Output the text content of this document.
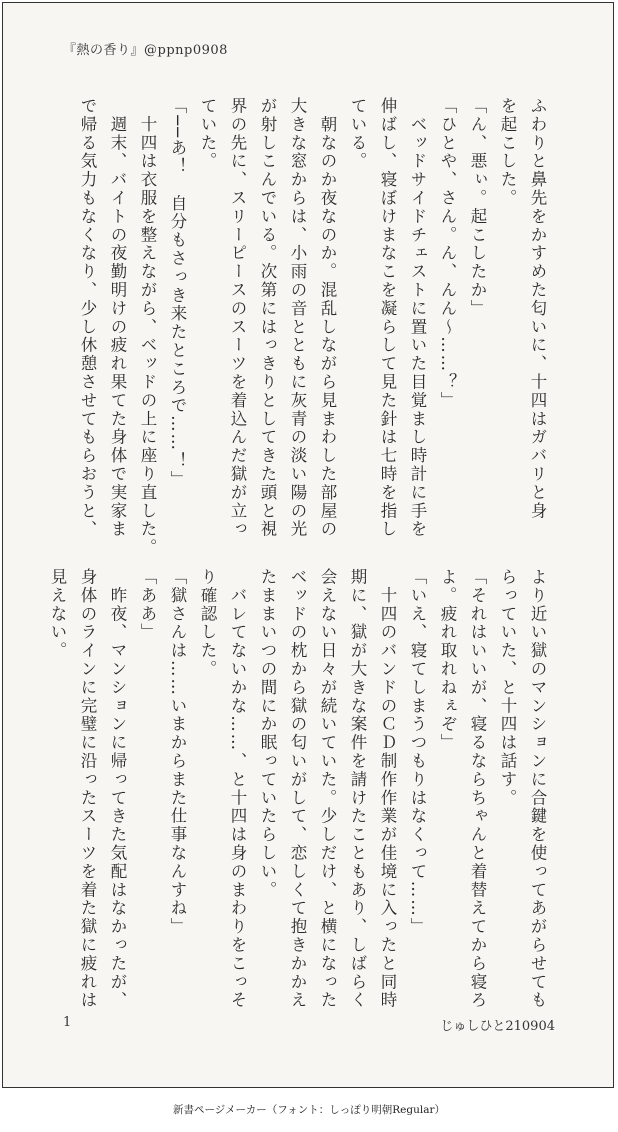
『熱の香り』@ppnp0908

ふわりと鼻先をかすめた匂いに、十四はガバリと身

を起こした。

「ん、悪ぃ。起こしたか」

「ひとや、さん。ん、んん〜……？」

　ベッドサイドチェストに置いた目覚まし時計に手を

伸ばし、寝ぼけまなこを凝らして見た針は七時を指し

ている。

　朝なのか夜なのか。混乱しながら見まわした部屋の

大きな窓からは、小雨の音とともに灰青の淡い陽の光

が射しこんでいる。次第にはっきりとしてきた頭と視

界の先に、スリーピースのスーツを着込んだ獄が立っ

ていた。

「──あ！　自分もさっき来たところで……！」

　十四は衣服を整えながら、ベッドの上に座り直した。

　週末、バイトの夜勤明けの疲れ果てた身体で実家ま

で帰る気力もなくなり、少し休憩させてもらおうと、

より近い獄のマンションに合鍵を使ってあがらせても

らっていた、と十四は話す。

「それはいいが、寝るならちゃんと着替えてから寝ろ

よ。疲れ取れねぇぞ」

「いえ、寝てしまうつもりはなくって……」

　十四のバンドのＣＤ制作作業が佳境に入ったと同時

期に、獄が大きな案件を請けたこともあり、しばらく

会えない日々が続いていた。少しだけ、と横になった

ベッドの枕から獄の匂いがして、恋しくて抱きかかえ

たままいつの間にか眠っていたらしい。

　バレてないかな……、と十四は身のまわりをこっそ

り確認した。

「獄さんは……いまからまた仕事なんすね」

「ああ」

　昨夜、マンションに帰ってきた気配はなかったが、

身体のラインに完璧に沿ったスーツを着た獄に疲れは

見えない。

1	じゅしひと210904
新書ページメーカー（フォント：しっぽり明朝Regular）
